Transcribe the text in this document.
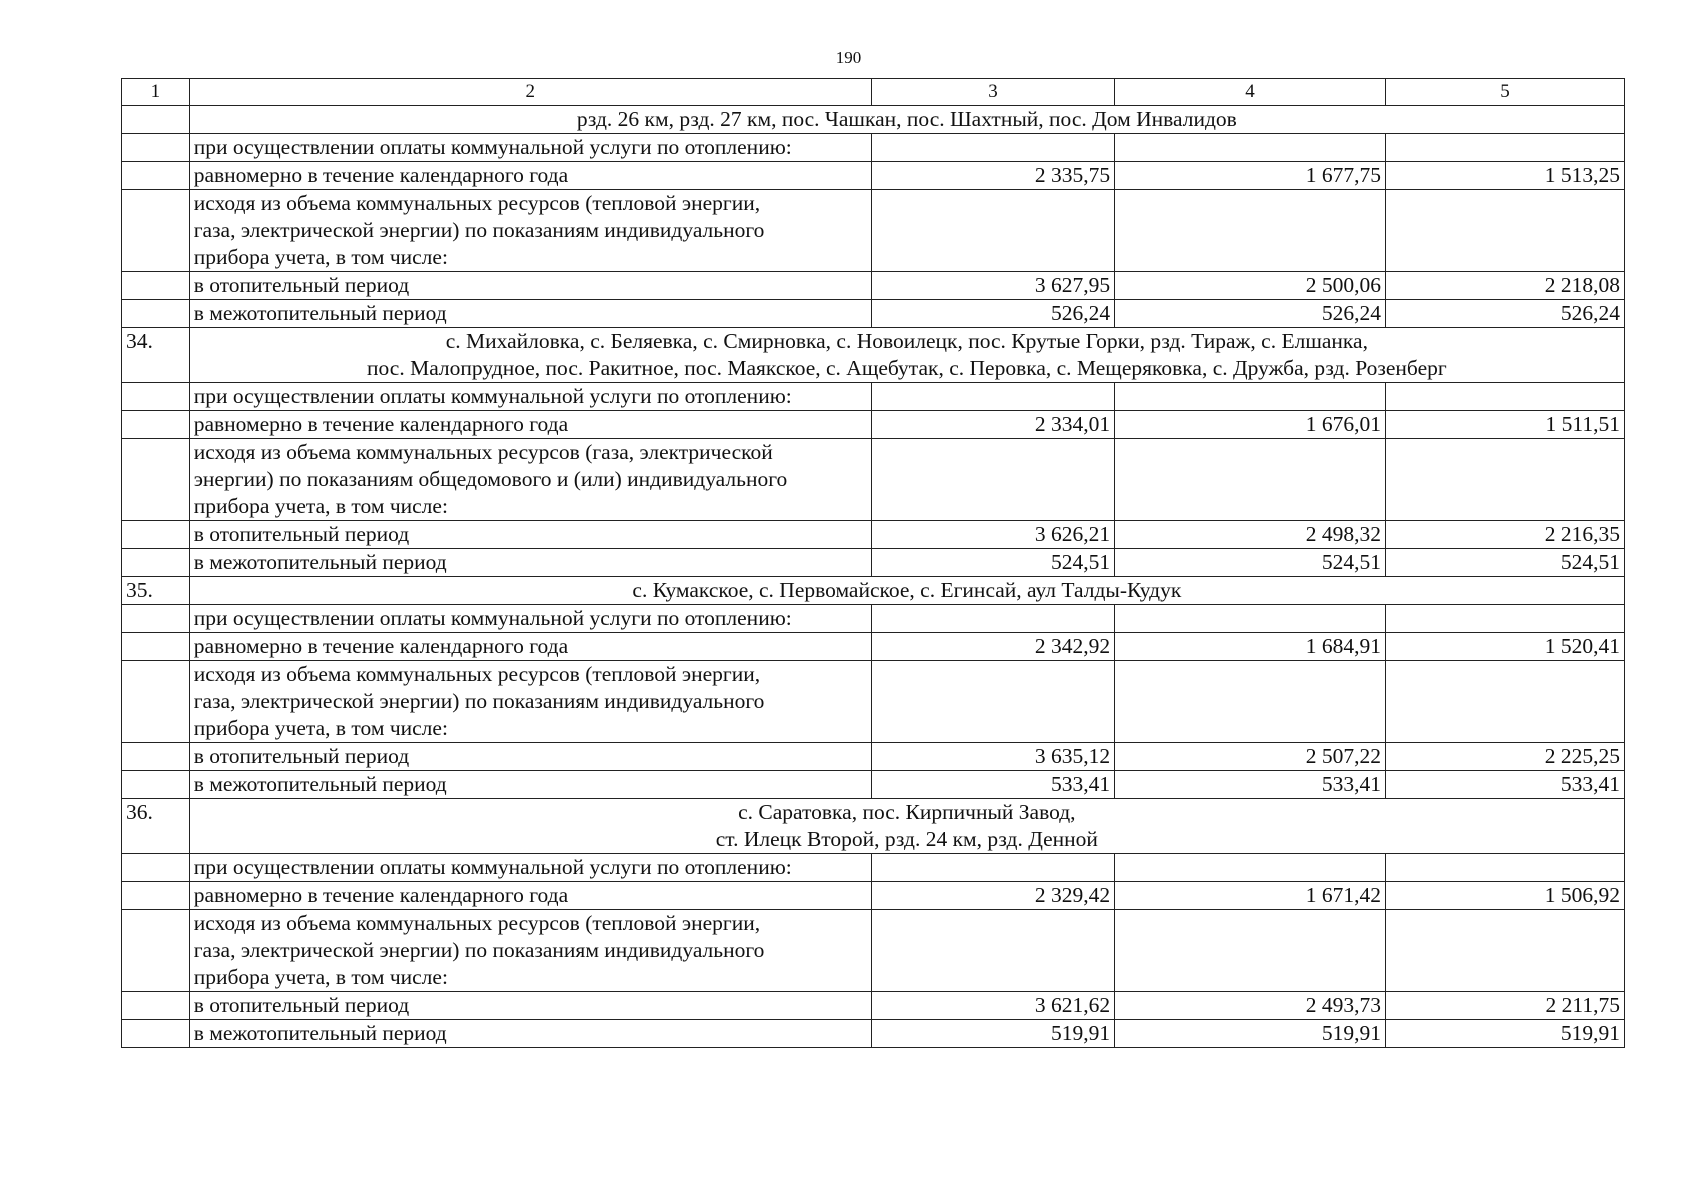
190
1	2	3	4	5
	рзд. 26 км, рзд. 27 км, пос. Чашкан, пос. Шахтный, пос. Дом Инвалидов			
	при осуществлении оплаты коммунальной услуги по отоплению:			
	равномерно в течение календарного года	2 335,75	1 677,75	1 513,25
	исходя из объема коммунальных ресурсов (тепловой энергии,
газа, электрической энергии) по показаниям индивидуального
прибора учета, в том числе:			
	в отопительный период	3 627,95	2 500,06	2 218,08
	в межотопительный период	526,24	526,24	526,24
34.	с. Михайловка, с. Беляевка, с. Смирновка, с. Новоилецк, пос. Крутые Горки, рзд. Тираж, с. Елшанка,
пос. Малопрудное, пос. Ракитное, пос. Маякское, с. Ащебутак, с. Перовка, с. Мещеряковка, с. Дружба, рзд. Розенберг			
	при осуществлении оплаты коммунальной услуги по отоплению:			
	равномерно в течение календарного года	2 334,01	1 676,01	1 511,51
	исходя из объема коммунальных ресурсов (газа, электрической
энергии) по показаниям общедомового и (или) индивидуального
прибора учета, в том числе:			
	в отопительный период	3 626,21	2 498,32	2 216,35
	в межотопительный период	524,51	524,51	524,51
35.	с. Кумакское, с. Первомайское, с. Егинсай, аул Талды-Кудук			
	при осуществлении оплаты коммунальной услуги по отоплению:			
	равномерно в течение календарного года	2 342,92	1 684,91	1 520,41
	исходя из объема коммунальных ресурсов (тепловой энергии,
газа, электрической энергии) по показаниям индивидуального
прибора учета, в том числе:			
	в отопительный период	3 635,12	2 507,22	2 225,25
	в межотопительный период	533,41	533,41	533,41
36.	с. Саратовка, пос. Кирпичный Завод,
ст. Илецк Второй, рзд. 24 км, рзд. Денной			
	при осуществлении оплаты коммунальной услуги по отоплению:			
	равномерно в течение календарного года	2 329,42	1 671,42	1 506,92
	исходя из объема коммунальных ресурсов (тепловой энергии,
газа, электрической энергии) по показаниям индивидуального
прибора учета, в том числе:			
	в отопительный период	3 621,62	2 493,73	2 211,75
	в межотопительный период	519,91	519,91	519,91
